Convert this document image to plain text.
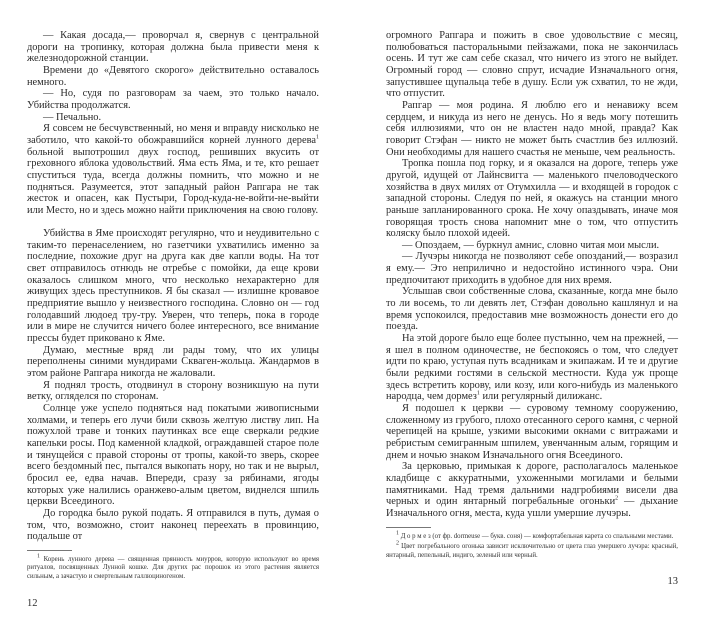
— Какая досада,— проворчал я, свернув с центральной дороги на тропинку, которая должна была привести меня к железнодорожной станции.

Времени до «Девятого скорого» действительно оставалось немного.

— Но, судя по разговорам за чаем, это только начало. Убийства продолжатся.

— Печально.

Я совсем не бесчувственный, но меня и вправду нисколько не заботило, что какой-то обожравшийся корней лунного дерева$^1$ больной выпотрошил двух господ, решивших вкусить от греховного яблока удовольствий. Яма есть Яма, и те, кто решает спуститься туда, всегда должны помнить, что можно и не подняться. Разумеется, этот западный район Рапгара не так жесток и опасен, как Пустыри, Город-куда-не-войти-не-выйти или Место, но и здесь можно найти приключения на свою голову.

Убийства в Яме происходят регулярно, что и неудивительно с таким-то перенаселением, но газетчики ухватились именно за последние, похожие друг на друга как две капли воды. На тот свет отправилось отнюдь не отребье с помойки, да еще крови оказалось слишком много, что несколько нехарактерно для живущих здесь преступников. Я бы сказал — излишне кровавое предприятие вышло у неизвестного господина. Словно он — год голодавший людоед тру-тру. Уверен, что теперь, пока в городе или в мире не случится ничего более интересного, все внимание прессы будет приковано к Яме.

Думаю, местные вряд ли рады тому, что их улицы переполнены синими мундирами Скваген-жольца. Жандармов в этом районе Рапгара никогда не жаловали.

Я поднял трость, отодвинул в сторону возникшую на пути ветку, огляделся по сторонам.

Солнце уже успело подняться над покатыми живописными холмами, и теперь его лучи били сквозь желтую листву лип. На пожухлой траве и тонких паутинках все еще сверкали редкие капельки росы. Под каменной кладкой, ограждавшей старое поле и тянущейся с правой стороны от тропы, какой-то зверь, скорее всего бездомный пес, пытался выкопать нору, но так и не вырыл, бросил ее, едва начав. Впереди, сразу за рябинами, ягоды которых уже налились оранжево-алым цветом, виднелся шпиль церкви Всеединого.

До городка было рукой подать. Я отправился в путь, думая о том, что, возможно, стоит наконец переехать в провинцию, подальше от

$^1$ Корень лунного дерева — священная прянность миурров, которую используют во время ритуалов, посвященных Лунной кошке. Для других рас порошок из этого растения является сильным, а зачастую и смертельным галлюциногеном.

12

огромного Рапгара и пожить в свое удовольствие с месяц, полюбоваться пасторальными пейзажами, пока не закончилась осень. И тут же сам себе сказал, что ничего из этого не выйдет. Огромный город — словно спрут, исчадие Изначального огня, запустившее щупальца тебе в душу. Если уж схватил, то не жди, что отпустит.

Рапгар — моя родина. Я люблю его и ненавижу всем сердцем, и никуда из него не денусь. Но я ведь могу потешить себя иллюзиями, что он не властен надо мной, правда? Как говорит Стэфан — никто не может быть счастлив без иллюзий. Они необходимы для нашего счастья не меньше, чем реальность.

Тропка пошла под горку, и я оказался на дороге, теперь уже другой, идущей от Лайнсвигга — маленького пчеловодческого хозяйства в двух милях от Отумхилла — и входящей в городок с западной стороны. Следуя по ней, я окажусь на станции много раньше запланированного срока. Не хочу опаздывать, иначе моя говорящая трость снова напомнит мне о том, что отпустить коляску было плохой идеей.

— Опоздаем, — буркнул амнис, словно читая мои мысли.

— Лучэры никогда не позволяют себе опозданий,— возразил я ему.— Это неприлично и недостойно истинного чэра. Они предпочитают приходить в удобное для них время.

Услышав свои собственные слова, сказанные, когда мне было то ли восемь, то ли девять лет, Стэфан довольно кашлянул и на время успокоился, предоставив мне возможность донести его до поезда.

На этой дороге было еще более пустынно, чем на прежней, — я шел в полном одиночестве, не беспокоясь о том, что следует идти по краю, уступая путь всадникам и экипажам. И те и другие были редкими гостями в сельской местности. Куда уж проще здесь встретить корову, или козу, или кого-нибудь из маленького народца, чем дормез$^1$ или регулярный дилижанс.

Я подошел к церкви — суровому темному сооружению, сложенному из грубого, плохо отесанного серого камня, с черной черепицей на крыше, узкими высокими окнами с витражами и ребристым семигранным шпилем, увенчанным алым, горящим и днем и ночью знаком Изначального огня Всеединого.

За церковью, примыкая к дороге, располагалось маленькое кладбище с аккуратными, ухоженными могилами и белыми памятниками. Над тремя дальними надгробиями висели два черных и один янтарный погребальные огоньки$^2$ — дыхание Изначального огня, места, куда ушли умершие лучэры.

$^1$ Д о р м е з (от фр. dormeuse — букв. соня) — комфортабельная карета со спальными местами.

$^2$ Цвет погребального огонька зависит исключительно от цвета глаз умершего лучэра: красный, янтарный, пепельный, индиго, зеленый или черный.

13
